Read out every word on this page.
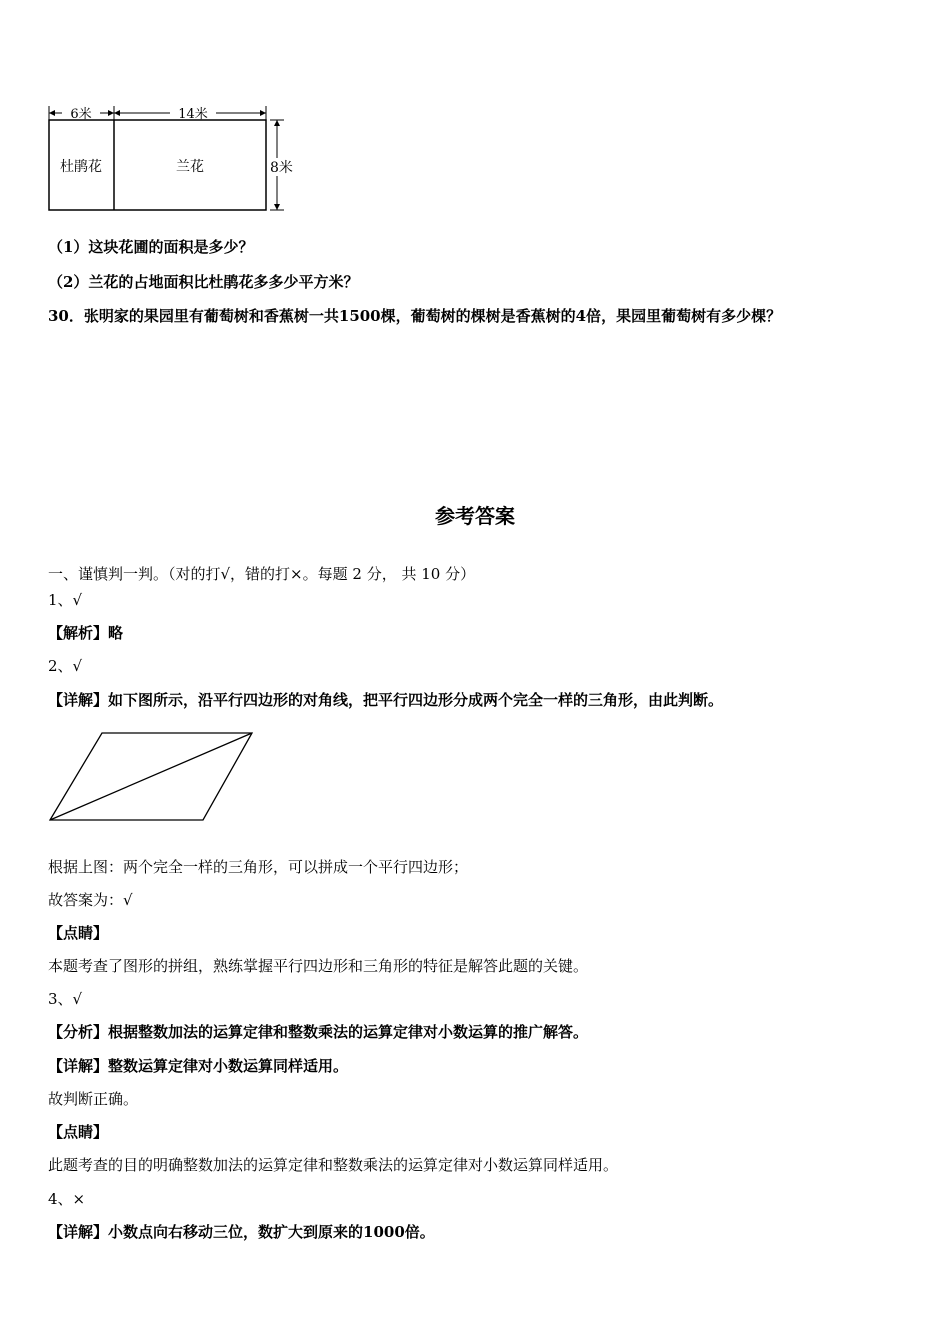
6米	14米
杜鹃花	兰花	8米
（1）这块花圃的面积是多少？
（2）兰花的占地面积比杜鹃花多多少平方米？
30．张明家的果园里有葡萄树和香蕉树一共1500棵，葡萄树的棵树是香蕉树的4倍，果园里葡萄树有多少棵？
参考答案
一、谨慎判一判。（对的打√，错的打×。每题 2 分， 共 10 分）
1、√
【解析】略
2、√
【详解】如下图所示，沿平行四边形的对角线，把平行四边形分成两个完全一样的三角形，由此判断。
根据上图：两个完全一样的三角形，可以拼成一个平行四边形；
故答案为：√
【点睛】
本题考查了图形的拼组，熟练掌握平行四边形和三角形的特征是解答此题的关键。
3、√
【分析】根据整数加法的运算定律和整数乘法的运算定律对小数运算的推广解答。
【详解】整数运算定律对小数运算同样适用。
故判断正确。
【点睛】
此题考查的目的明确整数加法的运算定律和整数乘法的运算定律对小数运算同样适用。
4、×
【详解】小数点向右移动三位，数扩大到原来的1000倍。
